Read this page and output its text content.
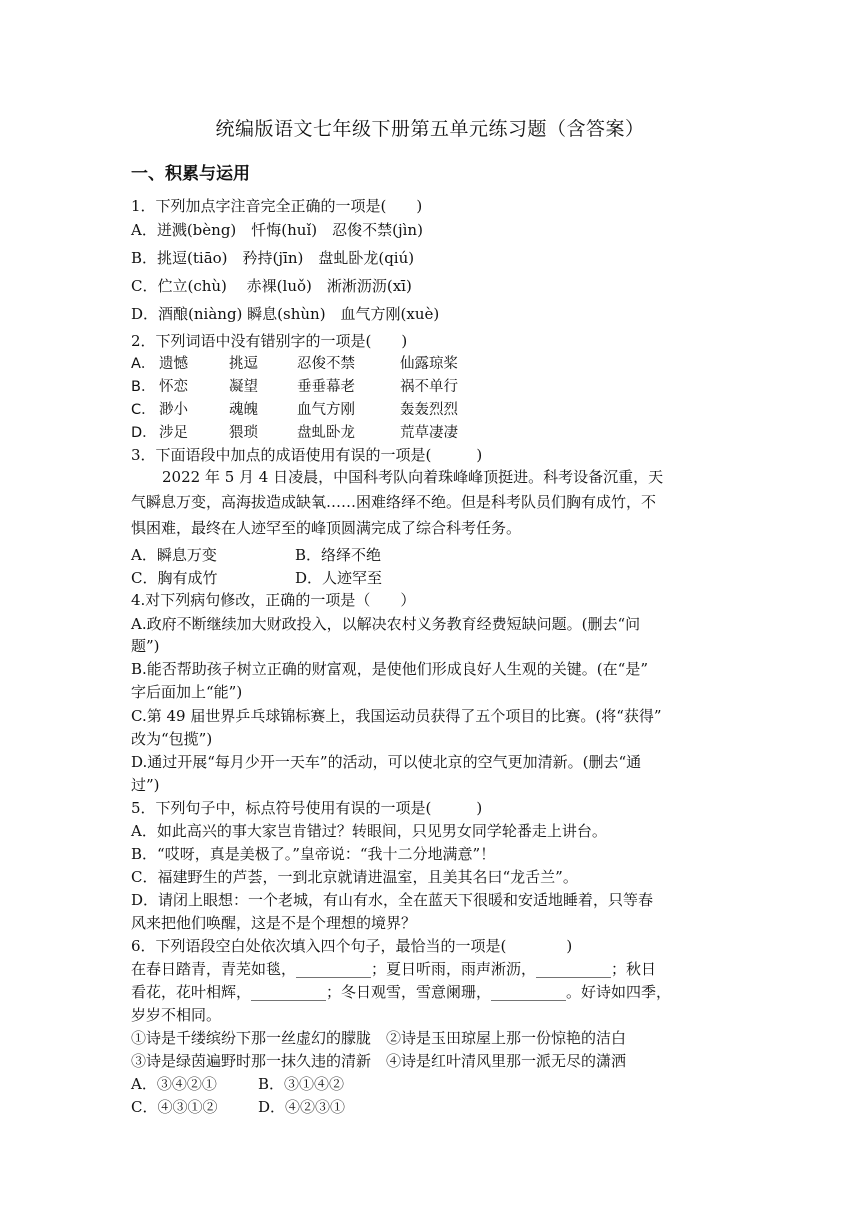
统编版语文七年级下册第五单元练习题（含答案）
一、积累与运用
1．下列加点字注音完全正确的一项是(　　)
A．迸溅(bèng)　忏悔(huǐ)　忍俊不禁(jìn)
B．挑逗(tiāo)　矜持(jīn)　盘虬卧龙(qiú)
C．伫立(chù)　 赤裸(luǒ)　淅淅沥沥(xī)
D．酒酿(niàng) 瞬息(shùn)　血气方刚(xuè)
2．下列词语中没有错别字的一项是(　　)
A． 遗憾	挑逗	忍俊不禁	仙露琼桨
B． 怀恋	凝望	垂垂幕老	祸不单行
C． 渺小	魂魄	血气方刚	轰轰烈烈
D． 涉足	猥琐	盘虬卧龙	荒草凄凄
3．下面语段中加点的成语使用有误的一项是(　　　)
2022 年 5 月 4 日凌晨，中国科考队向着珠峰峰顶挺进。科考设备沉重，天
气瞬息万变，高海拔造成缺氧……困难络绎不绝。但是科考队员们胸有成竹，不
惧困难，最终在人迹罕至的峰顶圆满完成了综合科考任务。
A．瞬息万变	B．络绎不绝
C．胸有成竹	D．人迹罕至
4.对下列病句修改，正确的一项是（　　）
A.政府不断继续加大财政投入，以解决农村义务教育经费短缺问题。(删去“问
题”)
B.能否帮助孩子树立正确的财富观，是使他们形成良好人生观的关键。(在“是”
字后面加上“能”)
C.第 49 届世界乒乓球锦标赛上，我国运动员获得了五个项目的比赛。(将“获得”
改为“包揽”)
D.通过开展“每月少开一天车”的活动，可以使北京的空气更加清新。(删去“通
过”)
5．下列句子中，标点符号使用有误的一项是(　　　)
A．如此高兴的事大家岂肯错过？转眼间，只见男女同学轮番走上讲台。
B．“哎呀，真是美极了。”皇帝说：“我十二分地满意”！
C．福建野生的芦荟，一到北京就请进温室，且美其名曰“龙舌兰”。
D．请闭上眼想：一个老城，有山有水，全在蓝天下很暖和安适地睡着，只等春
风来把他们唤醒，这是不是个理想的境界？
6．下列语段空白处依次填入四个句子，最恰当的一项是(　　　　)
在春日踏青，青芜如毯，__________；夏日听雨，雨声淅沥，__________；秋日
看花，花叶相辉，__________；冬日观雪，雪意阑珊，__________。好诗如四季，
岁岁不相同。
①诗是千缕缤纷下那一丝虚幻的朦胧　②诗是玉田琼屋上那一份惊艳的洁白
③诗是绿茵遍野时那一抹久违的清新　④诗是红叶清风里那一派无尽的潇洒
A．③④②①	B．③①④②
C．④③①②	D．④②③①
